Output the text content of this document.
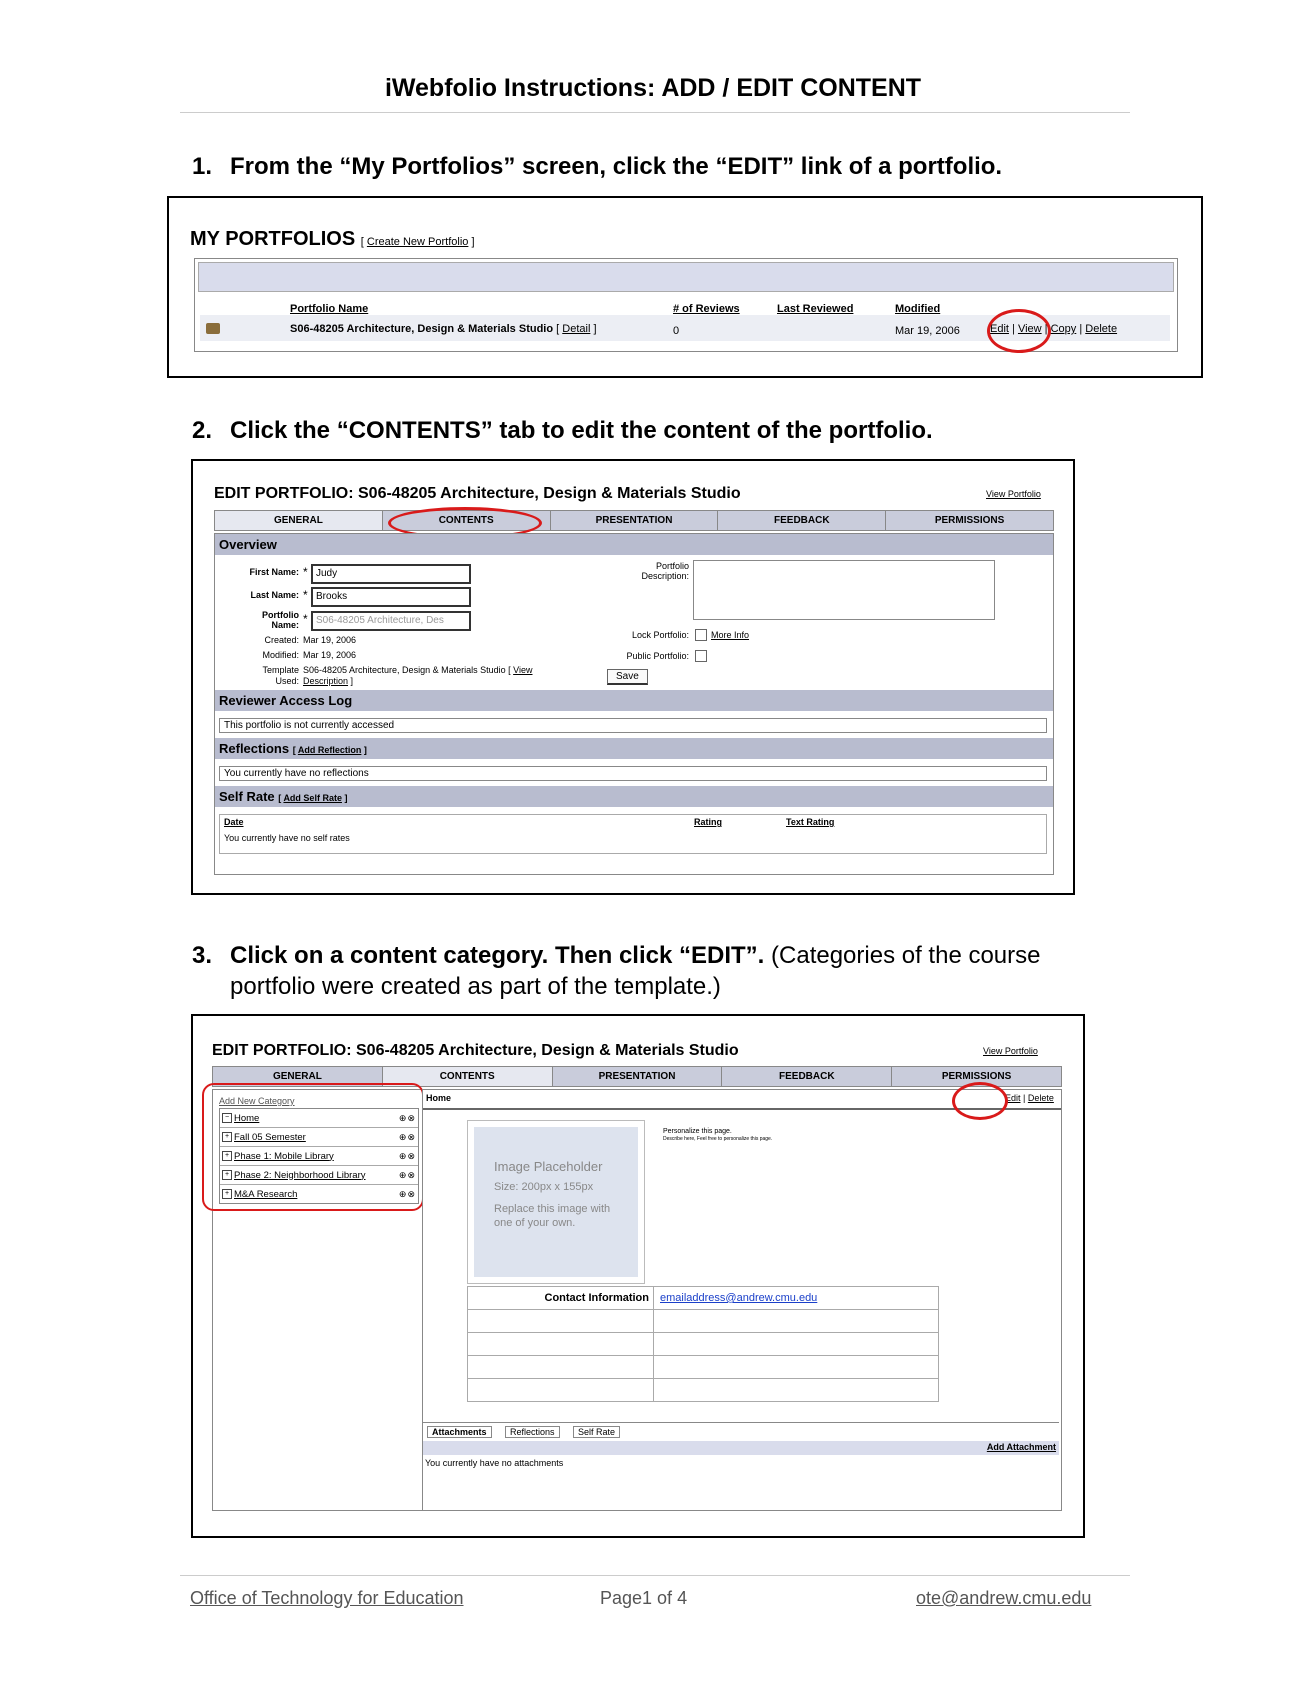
iWebfolio Instructions: ADD / EDIT CONTENT
1. From the “My Portfolios” screen, click the “EDIT” link of a portfolio.
MY PORTFOLIOS [ Create New Portfolio ]
Portfolio Name	# of Reviews	Last Reviewed	Modified
S06-48205 Architecture, Design & Materials Studio [ Detail ]	0	Mar 19, 2006	Edit | View | Copy | Delete
2. Click the “CONTENTS” tab to edit the content of the portfolio.
EDIT PORTFOLIO: S06-48205 Architecture, Design & Materials Studio	View Portfolio
GENERAL	CONTENTS	PRESENTATION	FEEDBACK	PERMISSIONS
Overview
First Name: * Judy
Last Name: * Brooks
Portfolio Name: * S06-48205 Architecture, Des
Created: Mar 19, 2006
Modified: Mar 19, 2006
Template Used:
S06-48205 Architecture, Design & Materials Studio [ View Description ]
Portfolio Description:
Lock Portfolio: More Info
Public Portfolio:
Save
Reviewer Access Log
This portfolio is not currently accessed
Reflections [ Add Reflection ]
You currently have no reflections
Self Rate [ Add Self Rate ]
Date	Rating	Text Rating
You currently have no self rates
3. Click on a content category. Then click “EDIT”. (Categories of the course
portfolio were created as part of the template.)
EDIT PORTFOLIO: S06-48205 Architecture, Design & Materials Studio	View Portfolio
GENERAL	CONTENTS	PRESENTATION	FEEDBACK	PERMISSIONS
Add New Category
− Home	⊕⊗
+ Fall 05 Semester	⊕⊗
+ Phase 1: Mobile Library	⊕⊗
+ Phase 2: Neighborhood Library	⊕⊗
+ M&A Research	⊕⊗
Home	Edit | Delete
Image Placeholder
Size: 200px x 155px
Replace this image with
one of your own.
Personalize this page.
Describe here, Feel free to personalize this page.
Contact Information	emailaddress@andrew.cmu.edu

Attachments	Reflections	Self Rate
Add Attachment
You currently have no attachments
Office of Technology for Education	Page1 of 4	ote@andrew.cmu.edu
